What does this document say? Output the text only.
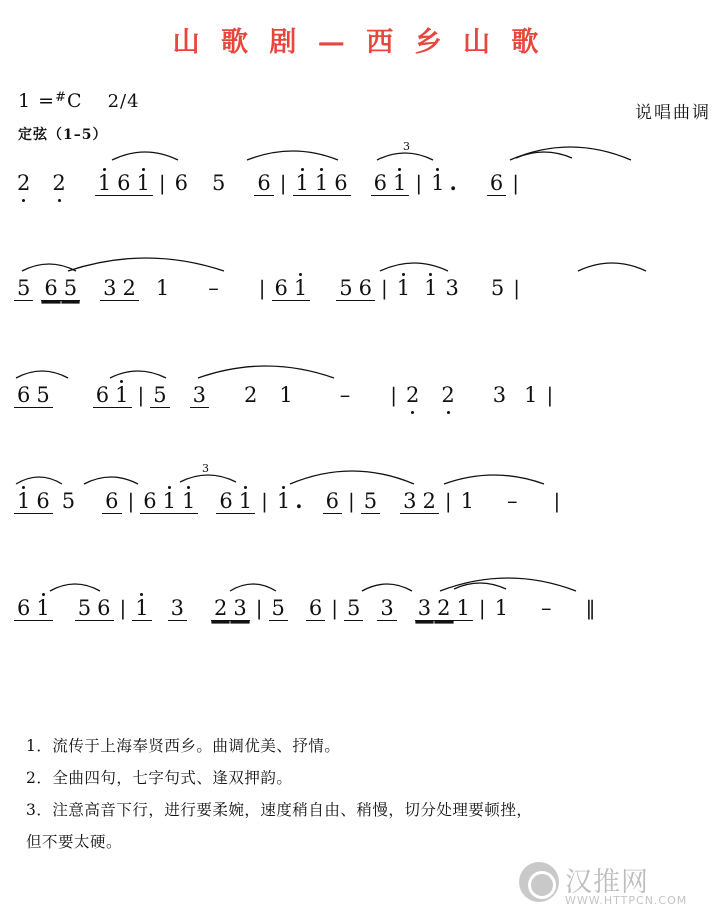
山 歌 剧 — 西 乡 山 歌
1 =#C 2/4
说唱曲调
定弦（1–5）
3
2 2 1 6 1 | 6 5 6 | 1 1 6 6 1 | 1 . 6 |
5 6 5 3 2 1 – | 6 1 5 6 | 1 1 3 5 |
6 5 6 1 | 5 3 2 1 – | 2 2 3 1 |
3
1 6 5 6 | 6 1 1 6 1 | 1 . 6 | 5 3 2 | 1 – |
6 1 5 6 | 1 3 2 3 | 5 6 | 5 3 3 2 1 | 1 – ‖
1．流传于上海奉贤西乡。曲调优美、抒情。
2．全曲四句，七字句式、逢双押韵。
3．注意高音下行，进行要柔婉，速度稍自由、稍慢，切分处理要顿挫，
但不要太硬。
汉推网
WWW.HTTPCN.COM
